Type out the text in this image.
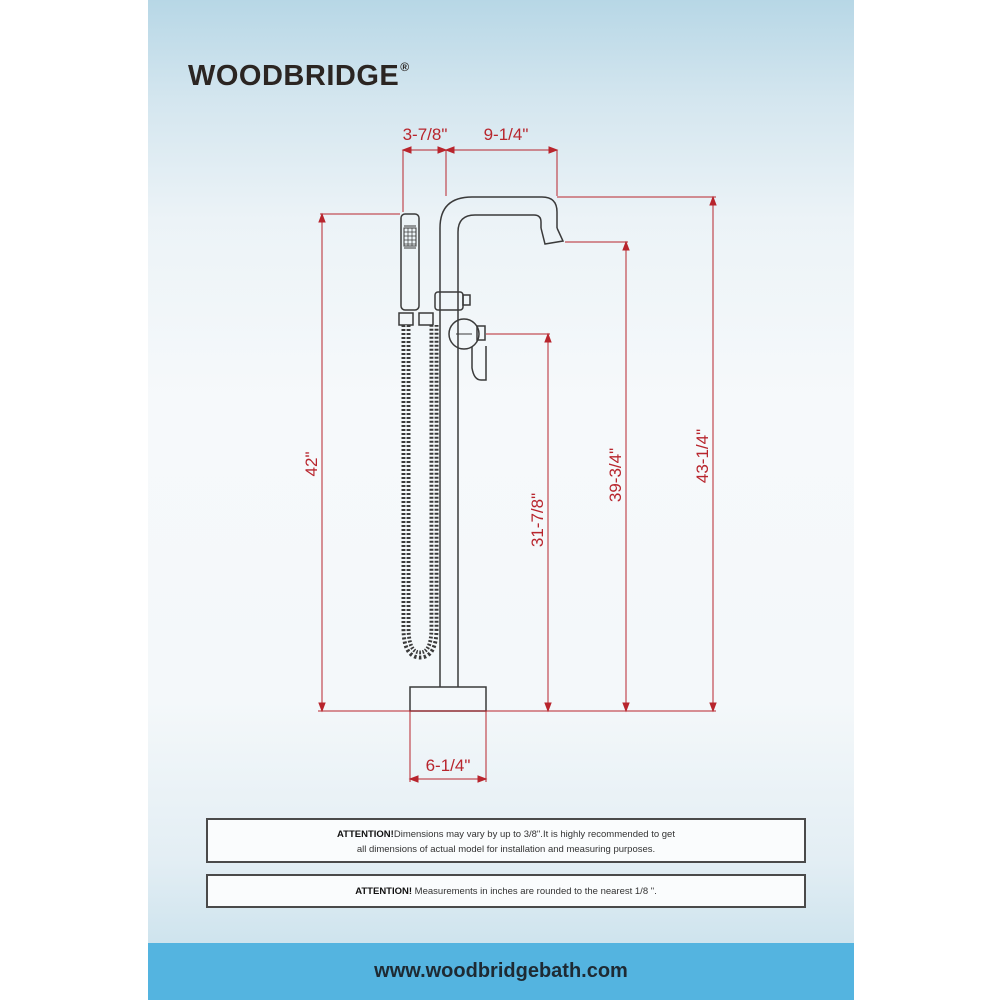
WOODBRIDGE®
3-7/8" 9-1/4"
42"
31-7/8"
39-3/4"	43-1/4"
6-1/4"
ATTENTION!Dimensions may vary by up to 3/8".It is highly recommended to get
all dimensions of actual model for installation and measuring purposes.
ATTENTION! Measurements in inches are rounded to the nearest 1/8 ".
www.woodbridgebath.com
